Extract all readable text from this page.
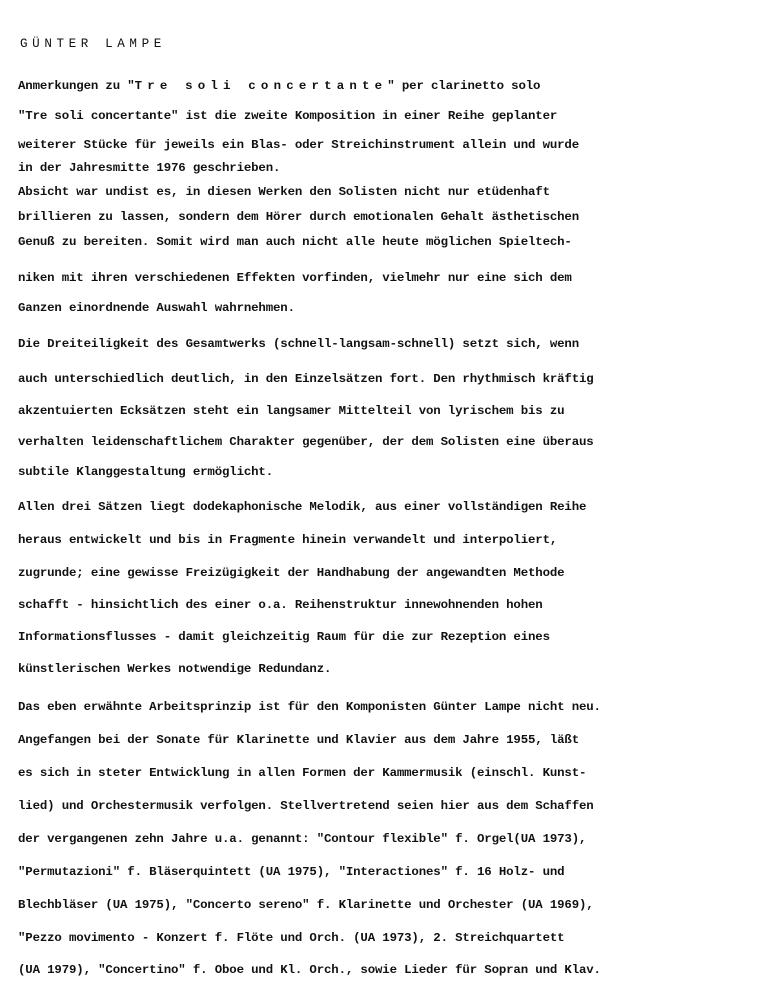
GÜNTER LAMPE
Anmerkungen zu "Tre soli concertante" per clarinetto solo
"Tre soli concertante" ist die zweite Komposition in einer Reihe geplanter
weiterer Stücke für jeweils ein Blas- oder Streichinstrument allein und wurde
in der Jahresmitte 1976 geschrieben.
Absicht war undist es, in diesen Werken den Solisten nicht nur etüdenhaft
brillieren zu lassen, sondern dem Hörer durch emotionalen Gehalt ästhetischen
Genuß zu bereiten. Somit wird man auch nicht alle heute möglichen Spieltech-
niken mit ihren verschiedenen Effekten vorfinden, vielmehr nur eine sich dem
Ganzen einordnende Auswahl wahrnehmen.
Die Dreiteiligkeit des Gesamtwerks (schnell-langsam-schnell) setzt sich, wenn
auch unterschiedlich deutlich, in den Einzelsätzen fort. Den rhythmisch kräftig
akzentuierten Ecksätzen steht ein langsamer Mittelteil von lyrischem bis zu
verhalten leidenschaftlichem Charakter gegenüber, der dem Solisten eine überaus
subtile Klanggestaltung ermöglicht.
Allen drei Sätzen liegt dodekaphonische Melodik, aus einer vollständigen Reihe
heraus entwickelt und bis in Fragmente hinein verwandelt und interpoliert,
zugrunde; eine gewisse Freizügigkeit der Handhabung der angewandten Methode
schafft - hinsichtlich des einer o.a. Reihenstruktur innewohnenden hohen
Informationsflusses - damit gleichzeitig Raum für die zur Rezeption eines
künstlerischen Werkes notwendige Redundanz.
Das eben erwähnte Arbeitsprinzip ist für den Komponisten Günter Lampe nicht neu.
Angefangen bei der Sonate für Klarinette und Klavier aus dem Jahre 1955, läßt
es sich in steter Entwicklung in allen Formen der Kammermusik (einschl. Kunst-
lied) und Orchestermusik verfolgen. Stellvertretend seien hier aus dem Schaffen
der vergangenen zehn Jahre u.a. genannt: "Contour flexible" f. Orgel(UA 1973),
"Permutazioni" f. Bläserquintett (UA 1975), "Interactiones" f. 16 Holz- und
Blechbläser (UA 1975), "Concerto sereno" f. Klarinette und Orchester (UA 1969),
"Pezzo movimento - Konzert f. Flöte und Orch. (UA 1973), 2. Streichquartett
(UA 1979), "Concertino" f. Oboe und Kl. Orch., sowie Lieder für Sopran und Klav.
